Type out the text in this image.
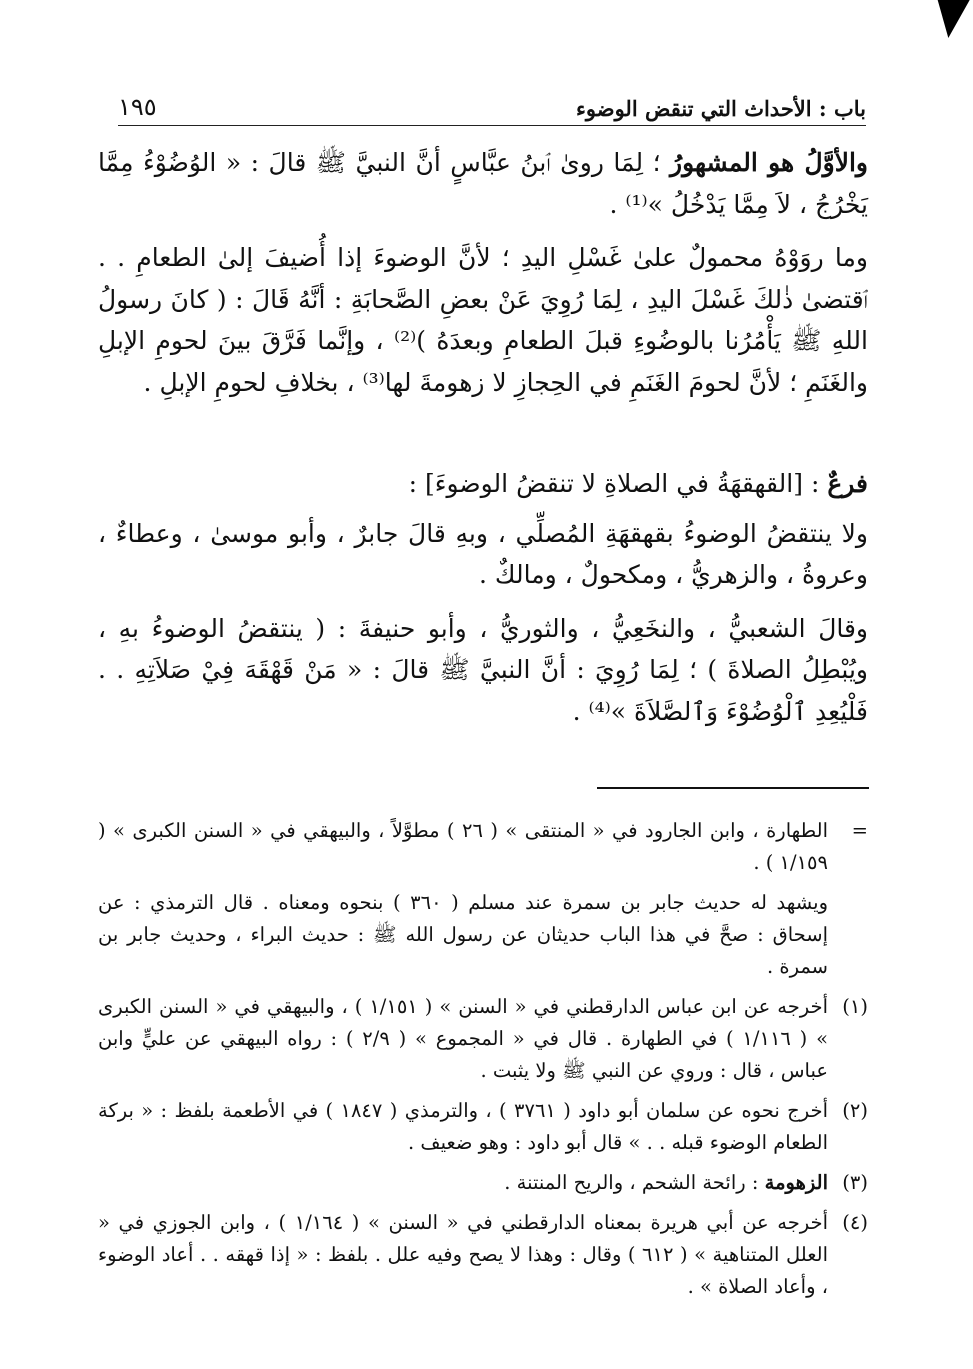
باب : الأحداث التي تنقض الوضوء
١٩٥

والأوَّلُ هو المشهورُ ؛ لِمَا روىٰ ٱبنُ عبَّاسٍ أنَّ النبيَّ ﷺ قالَ : « الوُضُوْءُ مِمَّا يَخْرُجُ ، لاَ مِمَّا يَدْخُلُ »⁽¹⁾ .

وما روَوْهُ محمولٌ علىٰ غَسْلِ اليدِ ؛ لأنَّ الوضوءَ إذا أُضيفَ إلىٰ الطعامِ . . ٱقتضىٰ ذٰلكَ غَسْلَ اليدِ ، لِمَا رُوِيَ عَنْ بعضِ الصَّحابَةِ : أنَّهُ قَالَ : ( كانَ رسولُ اللهِ ﷺ يَأْمُرُنا بالوضُوءِ قبلَ الطعامِ وبعدَهُ )⁽²⁾ ، وإنَّما فَرَّقَ بينَ لحومِ الإبلِ والغَنَمِ ؛ لأنَّ لحومَ الغَنَمِ في الحِجازِ لا زهومةَ لها⁽³⁾ ، بخلافِ لحومِ الإبلِ .

فرعٌ : [القهقهَةُ في الصلاةِ لا تنقضُ الوضوءَ] :

ولا ينتقضُ الوضوءُ بقهقهَةِ المُصلِّي ، وبهِ قالَ جابرٌ ، وأبو موسىٰ ، وعطاءٌ ، وعروةُ ، والزهريُّ ، ومكحولٌ ، ومالكٌ .

وقالَ الشعبيُّ ، والنخَعِيُّ ، والثوريُّ ، وأبو حنيفةَ : ( ينتقضُ الوضوءُ بهِ ، ويُبْطِلُ الصلاةَ ) ؛ لِمَا رُوِيَ : أنَّ النبيَّ ﷺ قالَ : « مَنْ قَهْقَهَ فِيْ صَلاَتِهِ . . فَلْيُعِدِ ٱلْوُضُوْءَ وَٱلصَّلاَةَ »⁽⁴⁾ .

=
الطهارة ، وابن الجارود في « المنتقى » ( ٢٦ ) مطوَّلاً ، والبيهقي في « السنن الكبرى » ( ١/١٥٩ ) .
ويشهد له حديث جابر بن سمرة عند مسلم ( ٣٦٠ ) بنحوه ومعناه . قال الترمذي : عن إسحاق : صحَّ في هذا الباب حديثان عن رسول الله ﷺ : حديث البراء ، وحديث جابر بن سمرة .
(١)
أخرجه عن ابن عباس الدارقطني في « السنن » ( ١/١٥١ ) ، والبيهقي في « السنن الكبرى » ( ١/١١٦ ) في الطهارة . قال في « المجموع » ( ٢/٩ ) : رواه البيهقي عن عليٍّ وابن عباس ، قال : وروي عن النبي ﷺ ولا يثبت .
(٢)
أخرج نحوه عن سلمان أبو داود ( ٣٧٦١ ) ، والترمذي ( ١٨٤٧ ) في الأطعمة بلفظ : « بركة الطعام الوضوء قبله . . » قال أبو داود : وهو ضعيف .
(٣)
الزهومة : رائحة الشحم ، والريح المنتنة .
(٤)
أخرجه عن أبي هريرة بمعناه الدارقطني في « السنن » ( ١/١٦٤ ) ، وابن الجوزي في « العلل المتناهية » ( ٦١٢ ) وقال : وهذا لا يصح وفيه علل . بلفظ : « إذا قهقه . . أعاد الوضوء ، وأعاد الصلاة » .
